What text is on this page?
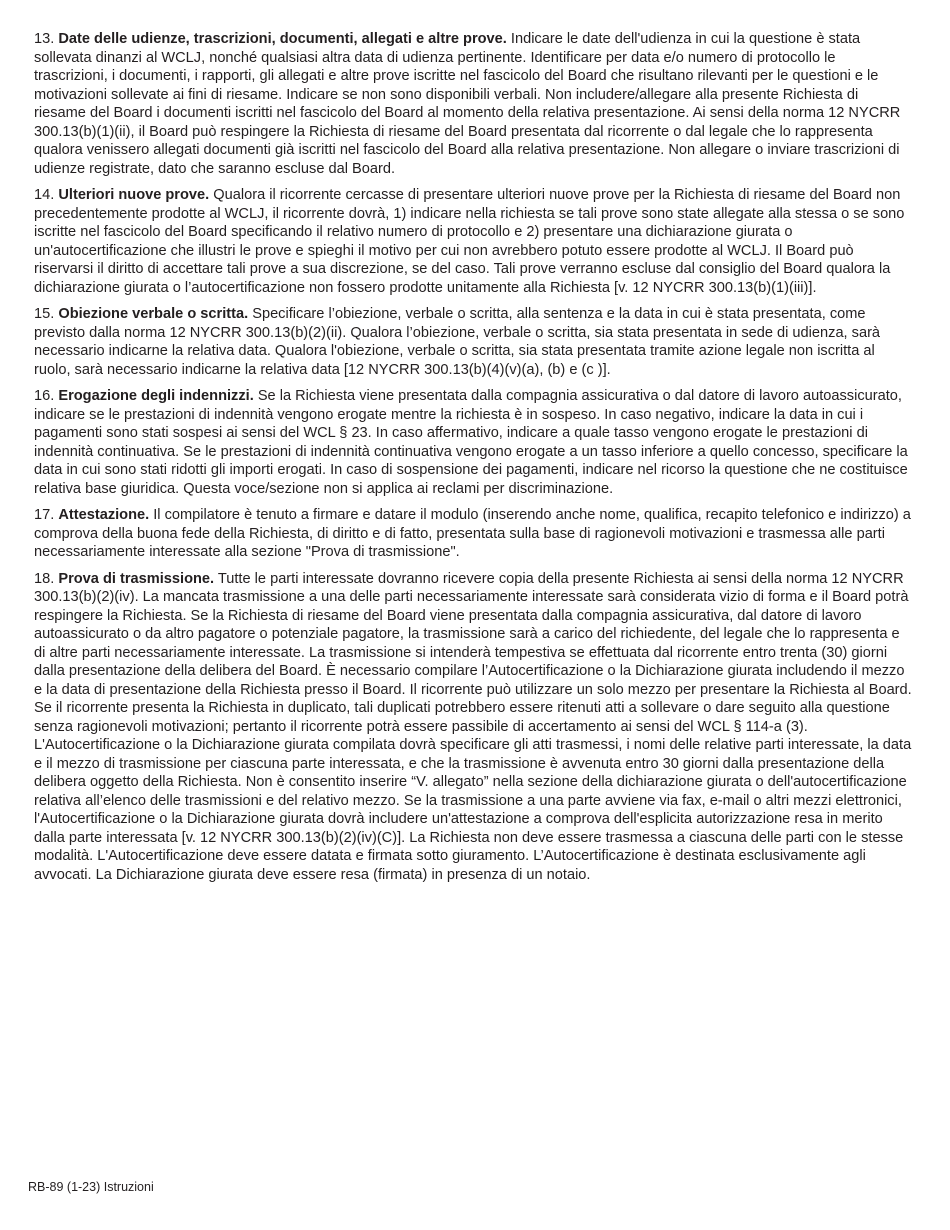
13. Date delle udienze, trascrizioni, documenti, allegati e altre prove. Indicare le date dell'udienza in cui la questione è stata sollevata dinanzi al WCLJ, nonché qualsiasi altra data di udienza pertinente. Identificare per data e/o numero di protocollo le trascrizioni, i documenti, i rapporti, gli allegati e altre prove iscritte nel fascicolo del Board che risultano rilevanti per le questioni e le motivazioni sollevate ai fini di riesame. Indicare se non sono disponibili verbali. Non includere/allegare alla presente Richiesta di riesame del Board i documenti iscritti nel fascicolo del Board al momento della relativa presentazione. Ai sensi della norma 12 NYCRR 300.13(b)(1)(ii), il Board può respingere la Richiesta di riesame del Board presentata dal ricorrente o dal legale che lo rappresenta qualora venissero allegati documenti già iscritti nel fascicolo del Board alla relativa presentazione. Non allegare o inviare trascrizioni di udienze registrate, dato che saranno escluse dal Board.

14. Ulteriori nuove prove. Qualora il ricorrente cercasse di presentare ulteriori nuove prove per la Richiesta di riesame del Board non precedentemente prodotte al WCLJ, il ricorrente dovrà, 1) indicare nella richiesta se tali prove sono state allegate alla stessa o se sono iscritte nel fascicolo del Board specificando il relativo numero di protocollo e 2) presentare una dichiarazione giurata o un'autocertificazione che illustri le prove e spieghi il motivo per cui non avrebbero potuto essere prodotte al WCLJ. Il Board può riservarsi il diritto di accettare tali prove a sua discrezione, se del caso. Tali prove verranno escluse dal consiglio del Board qualora la dichiarazione giurata o l’autocertificazione non fossero prodotte unitamente alla Richiesta [v. 12 NYCRR 300.13(b)(1)(iii)].

15. Obiezione verbale o scritta. Specificare l’obiezione, verbale o scritta, alla sentenza e la data in cui è stata presentata, come previsto dalla norma 12 NYCRR 300.13(b)(2)(ii). Qualora l’obiezione, verbale o scritta, sia stata presentata in sede di udienza, sarà necessario indicarne la relativa data. Qualora l'obiezione, verbale o scritta, sia stata presentata tramite azione legale non iscritta al ruolo, sarà necessario indicarne la relativa data [12 NYCRR 300.13(b)(4)(v)(a), (b) e (c )].

16. Erogazione degli indennizzi. Se la Richiesta viene presentata dalla compagnia assicurativa o dal datore di lavoro autoassicurato, indicare se le prestazioni di indennità vengono erogate mentre la richiesta è in sospeso. In caso negativo, indicare la data in cui i pagamenti sono stati sospesi ai sensi del WCL § 23. In caso affermativo, indicare a quale tasso vengono erogate le prestazioni di indennità continuativa. Se le prestazioni di indennità continuativa vengono erogate a un tasso inferiore a quello concesso, specificare la data in cui sono stati ridotti gli importi erogati. In caso di sospensione dei pagamenti, indicare nel ricorso la questione che ne costituisce relativa base giuridica. Questa voce/sezione non si applica ai reclami per discriminazione.

17. Attestazione. Il compilatore è tenuto a firmare e datare il modulo (inserendo anche nome, qualifica, recapito telefonico e indirizzo) a comprova della buona fede della Richiesta, di diritto e di fatto, presentata sulla base di ragionevoli motivazioni e trasmessa alle parti necessariamente interessate alla sezione "Prova di trasmissione".

18. Prova di trasmissione. Tutte le parti interessate dovranno ricevere copia della presente Richiesta ai sensi della norma 12 NYCRR 300.13(b)(2)(iv). La mancata trasmissione a una delle parti necessariamente interessate sarà considerata vizio di forma e il Board potrà respingere la Richiesta. Se la Richiesta di riesame del Board viene presentata dalla compagnia assicurativa, dal datore di lavoro autoassicurato o da altro pagatore o potenziale pagatore, la trasmissione sarà a carico del richiedente, del legale che lo rappresenta e di altre parti necessariamente interessate. La trasmissione si intenderà tempestiva se effettuata dal ricorrente entro trenta (30) giorni dalla presentazione della delibera del Board. È necessario compilare l’Autocertificazione o la Dichiarazione giurata includendo il mezzo e la data di presentazione della Richiesta presso il Board. Il ricorrente può utilizzare un solo mezzo per presentare la Richiesta al Board. Se il ricorrente presenta la Richiesta in duplicato, tali duplicati potrebbero essere ritenuti atti a sollevare o dare seguito alla questione senza ragionevoli motivazioni; pertanto il ricorrente potrà essere passibile di accertamento ai sensi del WCL § 114-a (3). L'Autocertificazione o la Dichiarazione giurata compilata dovrà specificare gli atti trasmessi, i nomi delle relative parti interessate, la data e il mezzo di trasmissione per ciascuna parte interessata, e che la trasmissione è avvenuta entro 30 giorni dalla presentazione della delibera oggetto della Richiesta. Non è consentito inserire “V. allegato” nella sezione della dichiarazione giurata o dell'autocertificazione relativa all’elenco delle trasmissioni e del relativo mezzo. Se la trasmissione a una parte avviene via fax, e-mail o altri mezzi elettronici, l'Autocertificazione o la Dichiarazione giurata dovrà includere un'attestazione a comprova dell'esplicita autorizzazione resa in merito dalla parte interessata [v. 12 NYCRR 300.13(b)(2)(iv)(C)]. La Richiesta non deve essere trasmessa a ciascuna delle parti con le stesse modalità. L'Autocertificazione deve essere datata e firmata sotto giuramento. L’Autocertificazione è destinata esclusivamente agli avvocati. La Dichiarazione giurata deve essere resa (firmata) in presenza di un notaio.

RB-89 (1-23) Istruzioni
